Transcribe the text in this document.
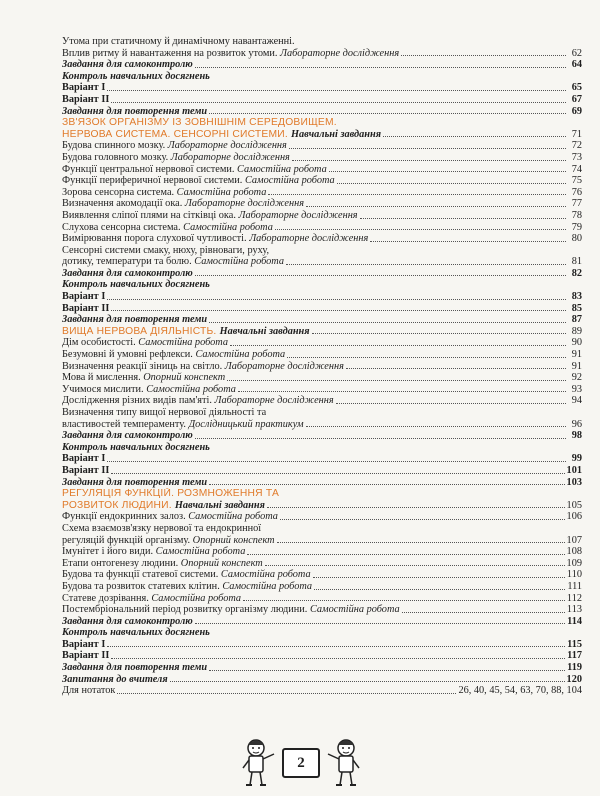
Утома при статичному й динамічному навантаженні.
Вплив ритму й навантаження на розвиток утоми. Лабораторне дослідження	62
Завдання для самоконтролю	64
Контроль навчальних досягнень
Варіант І	65
Варіант ІІ	67
Завдання для повторення теми	69
ЗВ'ЯЗОК ОРГАНІЗМУ ІЗ ЗОВНІШНІМ СЕРЕДОВИЩЕМ.
НЕРВОВА СИСТЕМА. СЕНСОРНІ СИСТЕМИ. Навчальні завдання	71
Будова спинного мозку. Лабораторне дослідження	72
Будова головного мозку. Лабораторне дослідження	73
Функції центральної нервової системи. Самостійна робота	74
Функції периферичної нервової системи. Самостійна робота	75
Зорова сенсорна система. Самостійна робота	76
Визначення акомодації ока. Лабораторне дослідження	77
Виявлення сліпої плями на сітківці ока. Лабораторне дослідження	78
Слухова сенсорна система. Самостійна робота	79
Вимірювання порога слухової чутливості. Лабораторне дослідження	80
Сенсорні системи смаку, нюху, рівноваги, руху,
дотику, температури та болю. Самостійна робота	81
Завдання для самоконтролю	82
Контроль навчальних досягнень
Варіант І	83
Варіант ІІ	85
Завдання для повторення теми	87
ВИЩА НЕРВОВА ДІЯЛЬНІСТЬ. Навчальні завдання	89
Дім особистості. Самостійна робота	90
Безумовні й умовні рефлекси. Самостійна робота	91
Визначення реакції зіниць на світло. Лабораторне дослідження	91
Мова й мислення. Опорний конспект	92
Учимося мислити. Самостійна робота	93
Дослідження різних видів пам'яті. Лабораторне дослідження	94
Визначення типу вищої нервової діяльності та
властивостей темпераменту. Дослідницький практикум	96
Завдання для самоконтролю	98
Контроль навчальних досягнень
Варіант І	99
Варіант ІІ	101
Завдання для повторення теми	103
РЕГУЛЯЦІЯ ФУНКЦІЙ. РОЗМНОЖЕННЯ ТА
РОЗВИТОК ЛЮДИНИ. Навчальні завдання	105
Функції ендокринних залоз. Самостійна робота	106
Схема взаємозв'язку нервової та ендокринної
регуляцій функцій організму. Опорний конспект	107
Імунітет і його види. Самостійна робота	108
Етапи онтогенезу людини. Опорний конспект	109
Будова та функції статевої системи. Самостійна робота	110
Будова та розвиток статевих клітин. Самостійна робота	111
Статеве дозрівання. Самостійна робота	112
Постембріональний період розвитку організму людини. Самостійна робота	113
Завдання для самоконтролю	114
Контроль навчальних досягнень
Варіант І	115
Варіант ІІ	117
Завдання для повторення теми	119
Запитання до вчителя	120
Для нотаток	26, 40, 45, 54, 63, 70, 88, 104
2
